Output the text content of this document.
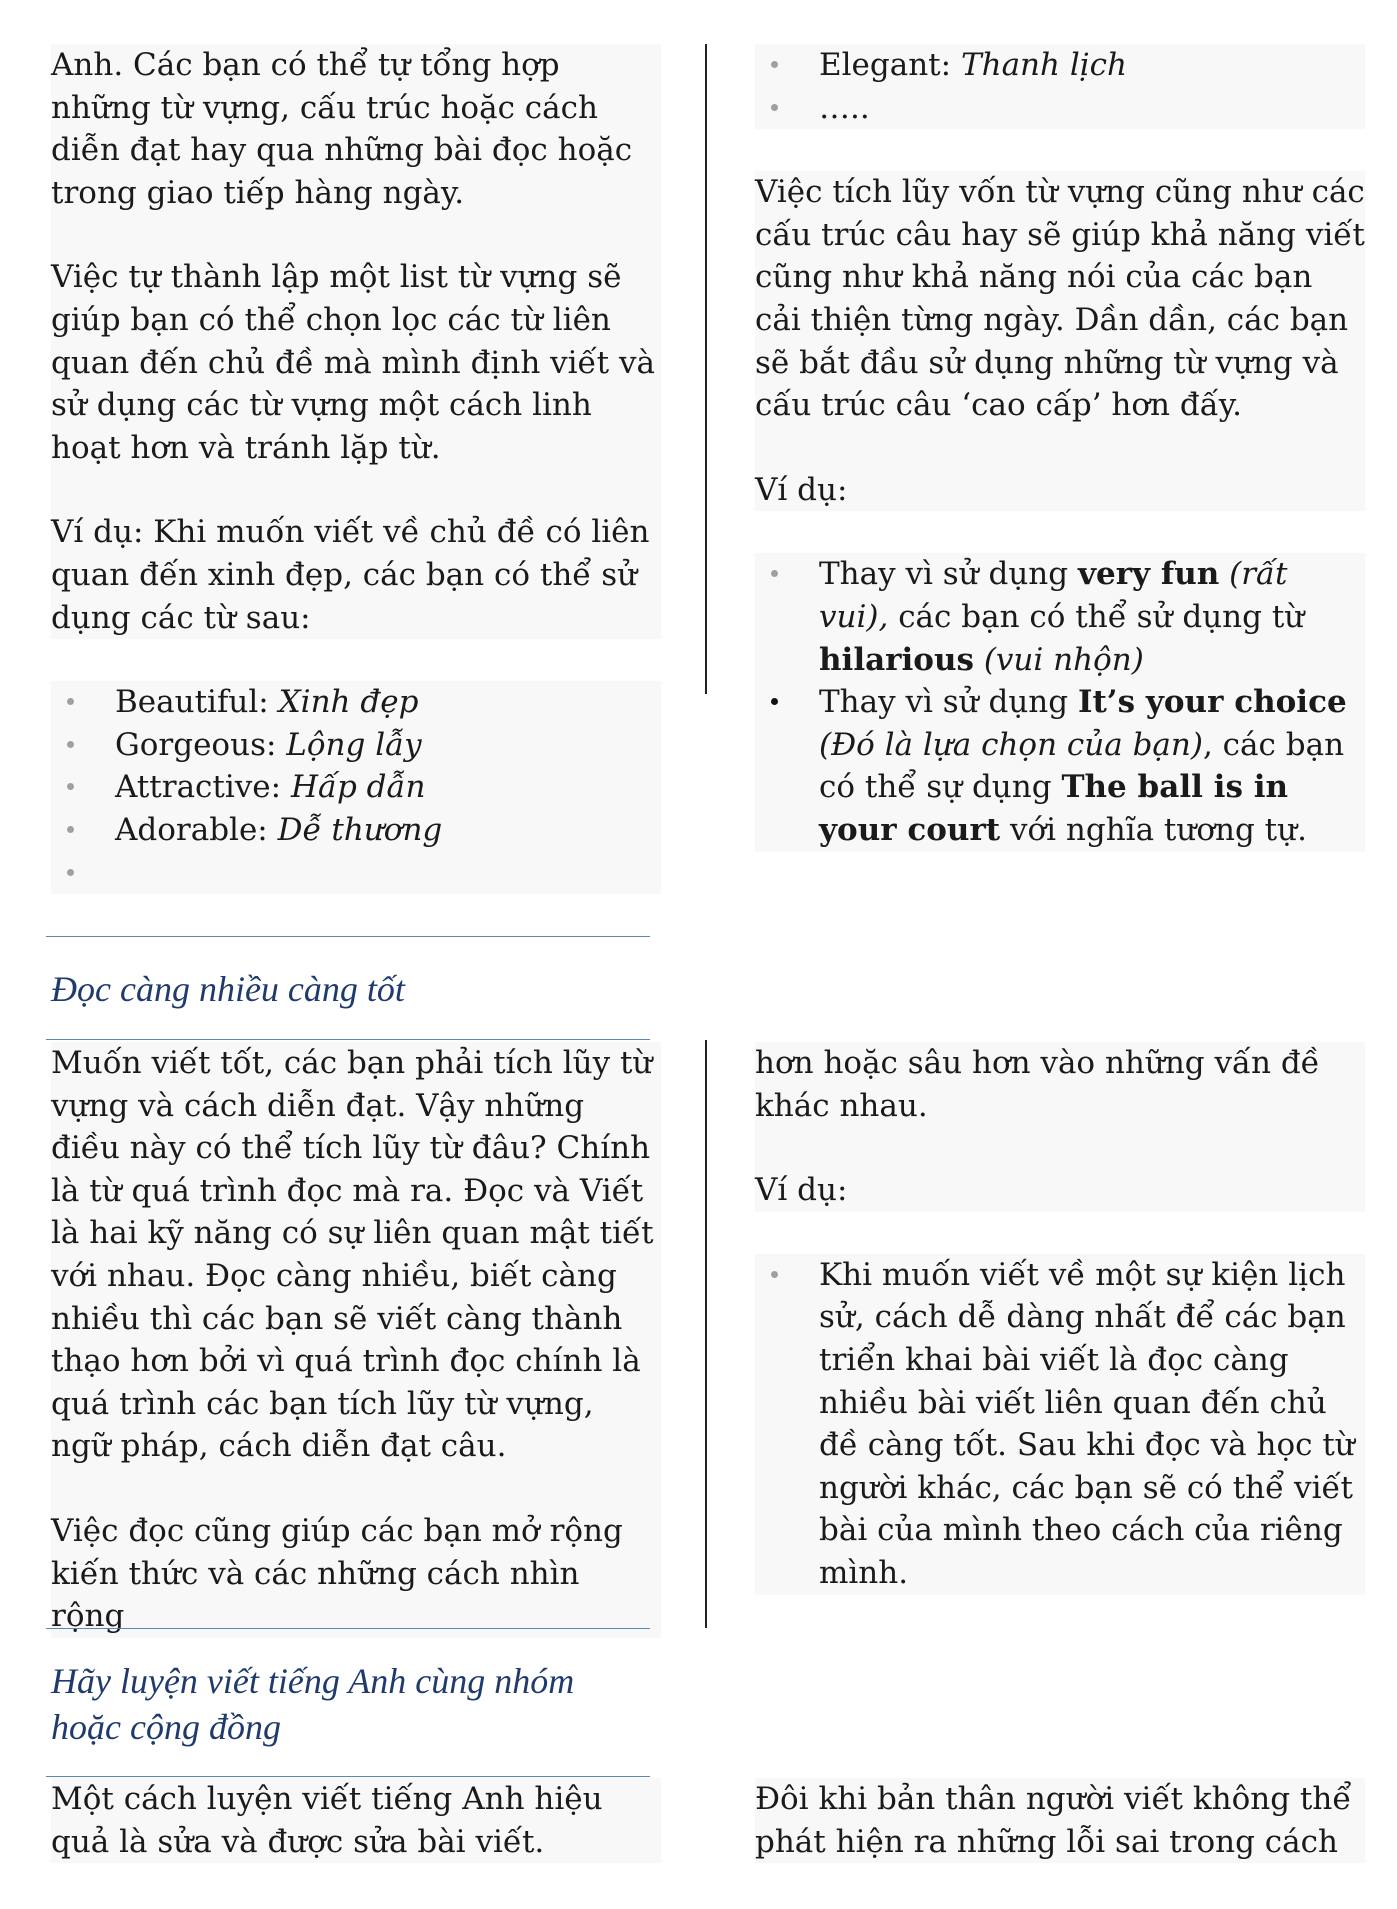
Anh. Các bạn có thể tự tổng hợp những từ vựng, cấu trúc hoặc cách diễn đạt hay qua những bài đọc hoặc trong giao tiếp hàng ngày.

Việc tự thành lập một list từ vựng sẽ giúp bạn có thể chọn lọc các từ liên quan đến chủ đề mà mình định viết và sử dụng các từ vựng một cách linh hoạt hơn và tránh lặp từ.

Ví dụ: Khi muốn viết về chủ đề có liên quan đến xinh đẹp, các bạn có thể sử dụng các từ sau:

Beautiful: Xinh đẹp
Gorgeous: Lộng lẫy
Attractive: Hấp dẫn
Adorable: Dễ thương

Elegant: Thanh lịch
…..

Việc tích lũy vốn từ vựng cũng như các cấu trúc câu hay sẽ giúp khả năng viết cũng như khả năng nói của các bạn cải thiện từng ngày. Dần dần, các bạn sẽ bắt đầu sử dụng những từ vựng và cấu trúc câu ‘cao cấp’ hơn đấy.

Ví dụ:

Thay vì sử dụng very fun (rất vui), các bạn có thể sử dụng từ hilarious (vui nhộn)
Thay vì sử dụng It’s your choice (Đó là lựa chọn của bạn), các bạn có thể sự dụng The ball is in your court với nghĩa tương tự.
Đọc càng nhiều càng tốt

Muốn viết tốt, các bạn phải tích lũy từ vựng và cách diễn đạt. Vậy những điều này có thể tích lũy từ đâu? Chính là từ quá trình đọc mà ra. Đọc và Viết là hai kỹ năng có sự liên quan mật tiết với nhau. Đọc càng nhiều, biết càng nhiều thì các bạn sẽ viết càng thành thạo hơn bởi vì quá trình đọc chính là quá trình các bạn tích lũy từ vựng, ngữ pháp, cách diễn đạt câu.

Việc đọc cũng giúp các bạn mở rộng kiến thức và các những cách nhìn rộng

hơn hoặc sâu hơn vào những vấn đề khác nhau.

Ví dụ:

Khi muốn viết về một sự kiện lịch sử, cách dễ dàng nhất để các bạn triển khai bài viết là đọc càng nhiều bài viết liên quan đến chủ đề càng tốt. Sau khi đọc và học từ người khác, các bạn sẽ có thể viết bài của mình theo cách của riêng mình.
Hãy luyện viết tiếng Anh cùng nhóm
hoặc cộng đồng

Một cách luyện viết tiếng Anh hiệu quả là sửa và được sửa bài viết.

Đôi khi bản thân người viết không thể phát hiện ra những lỗi sai trong cách
